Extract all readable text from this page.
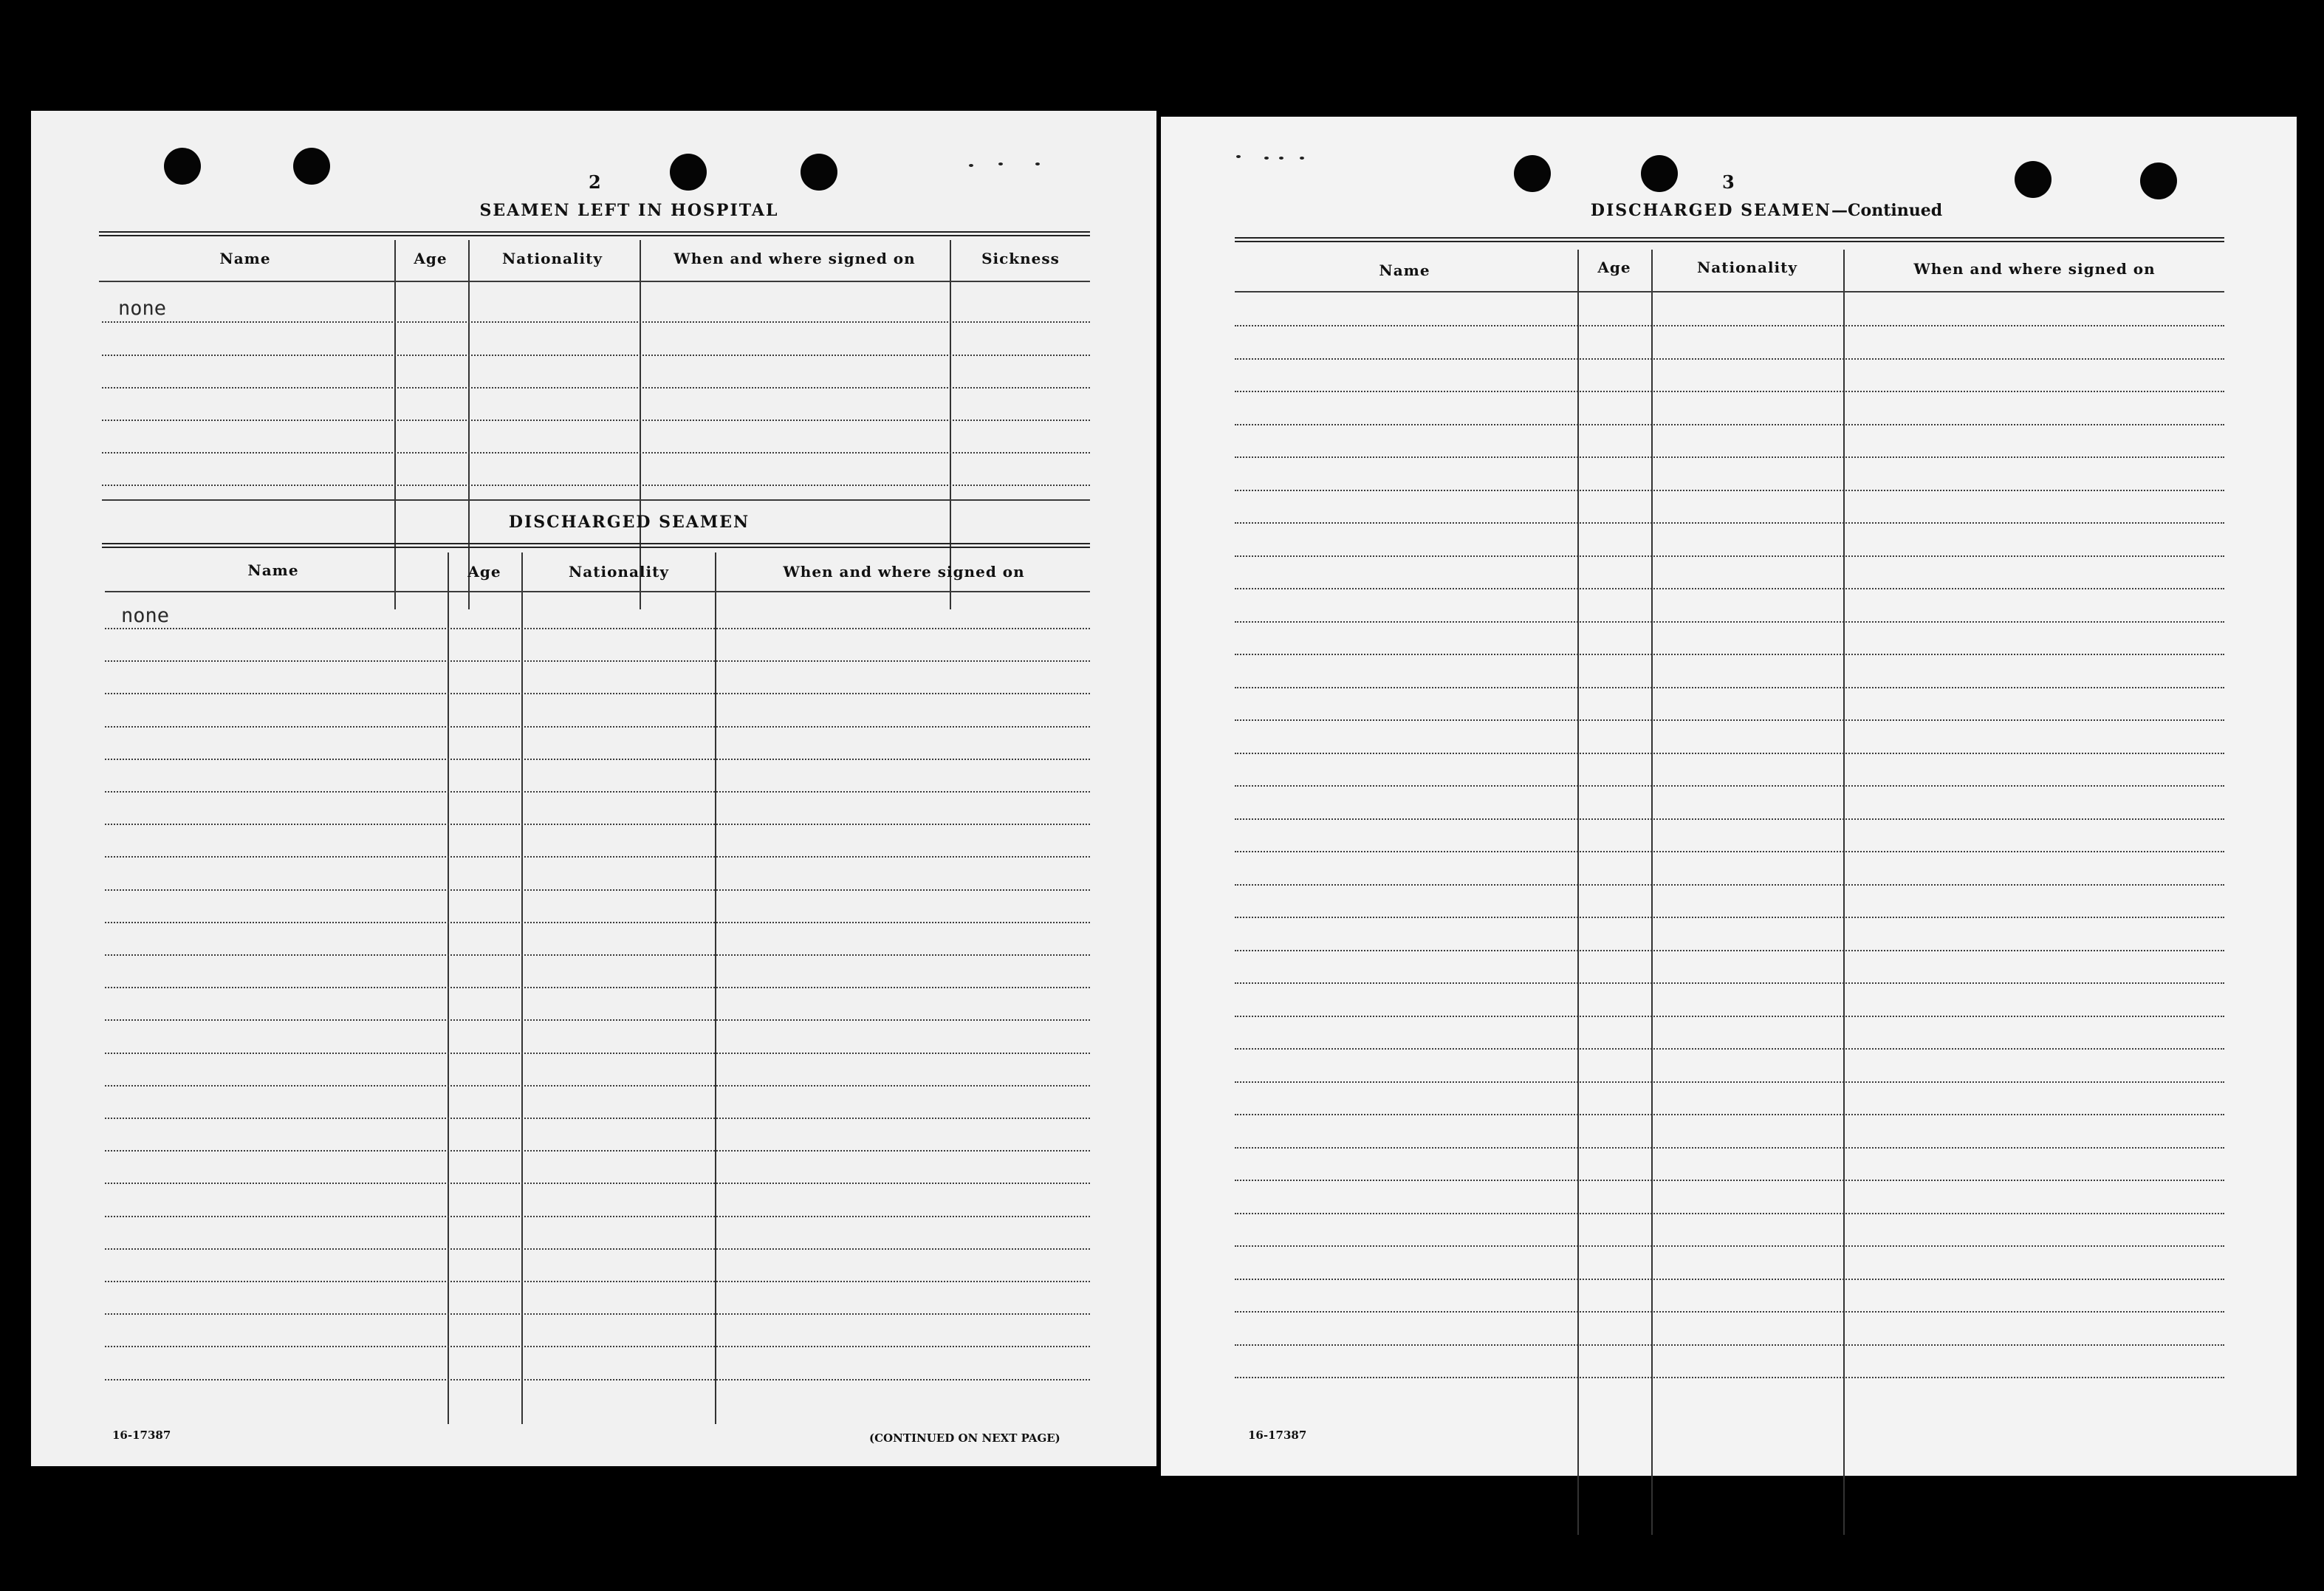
2
SEAMEN LEFT IN HOSPITAL
Name	Age	Nationality	When and where signed on	Sickness
none
DISCHARGED SEAMEN
Name	Age	Nationality	When and where signed on
none
16-17387	(CONTINUED ON NEXT PAGE)
3
DISCHARGED SEAMEN—Continued
Name	Age	Nationality	When and where signed on
16-17387
